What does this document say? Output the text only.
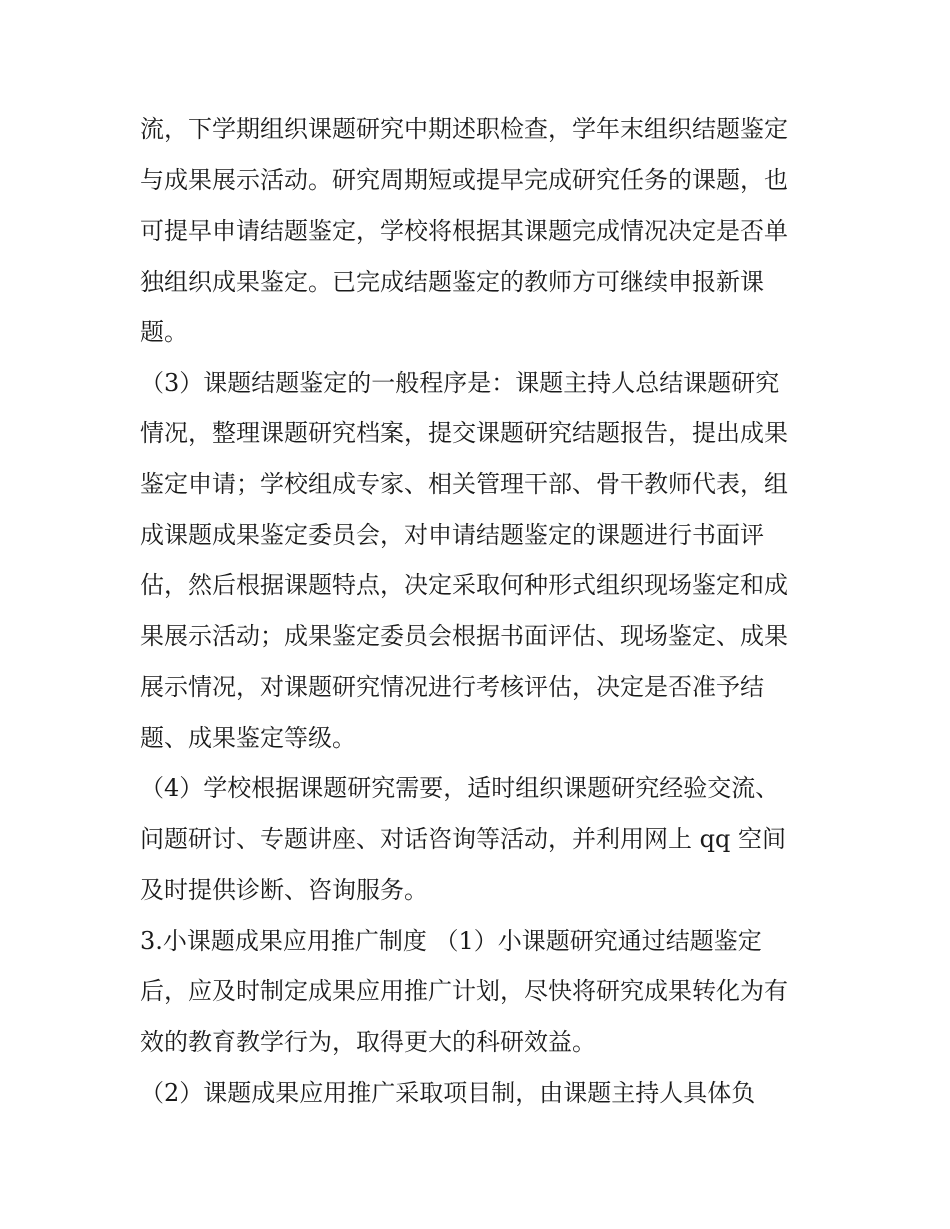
流，下学期组织课题研究中期述职检查，学年末组织结题鉴定

与成果展示活动。研究周期短或提早完成研究任务的课题，也

可提早申请结题鉴定，学校将根据其课题完成情况决定是否单

独组织成果鉴定。已完成结题鉴定的教师方可继续申报新课

题。

（3）课题结题鉴定的一般程序是：课题主持人总结课题研究

情况，整理课题研究档案，提交课题研究结题报告，提出成果

鉴定申请；学校组成专家、相关管理干部、骨干教师代表，组

成课题成果鉴定委员会，对申请结题鉴定的课题进行书面评

估，然后根据课题特点，决定采取何种形式组织现场鉴定和成

果展示活动；成果鉴定委员会根据书面评估、现场鉴定、成果

展示情况，对课题研究情况进行考核评估，决定是否准予结

题、成果鉴定等级。

（4）学校根据课题研究需要，适时组织课题研究经验交流、

问题研讨、专题讲座、对话咨询等活动，并利用网上 qq 空间

及时提供诊断、咨询服务。

3.小课题成果应用推广制度 （1）小课题研究通过结题鉴定

后，应及时制定成果应用推广计划，尽快将研究成果转化为有

效的教育教学行为，取得更大的科研效益。

（2）课题成果应用推广采取项目制，由课题主持人具体负
